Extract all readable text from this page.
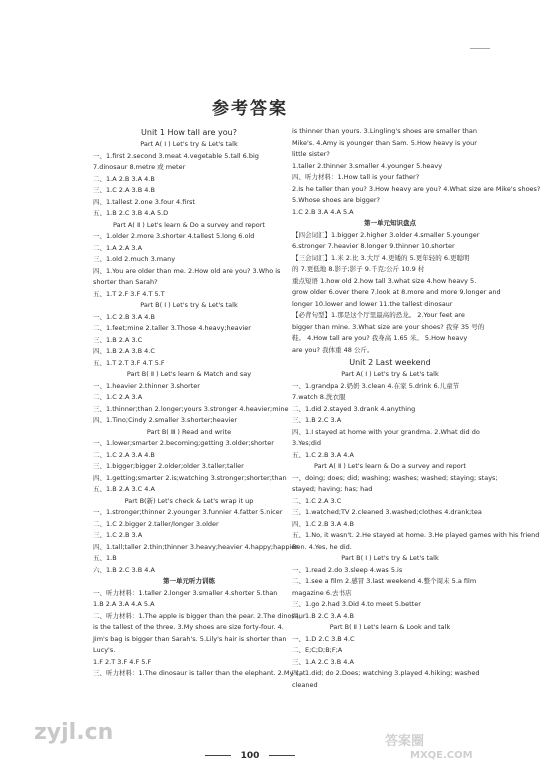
参考答案
Unit 1 How tall are you?
Part A( Ⅰ ) Let's try & Let's talk
一、1.first 2.second 3.meat 4.vegetable 5.tall 6.big
7.dinosaur 8.metre 或 meter
二、1.A 2.B 3.A 4.B
三、1.C 2.A 3.B 4.B
四、1.tallest 2.one 3.four 4.first
五、1.B 2.C 3.B 4.A 5.D
Part A( Ⅱ ) Let's learn & Do a survey and report
一、1.older 2.more 3.shorter 4.tallest 5.long 6.old
二、1.A 2.A 3.A
三、1.old 2.much 3.many
四、1.You are older than me. 2.How old are you? 3.Who is
shorter than Sarah?
五、1.T 2.F 3.F 4.T 5.T
Part B( Ⅰ ) Let's try & Let's talk
一、1.C 2.B 3.A 4.B
二、1.feet;mine 2.taller 3.Those 4.heavy;heavier
三、1.B 2.A 3.C
四、1.B 2.A 3.B 4.C
五、1.T 2.T 3.F 4.T 5.F
Part B( Ⅱ ) Let's learn & Match and say
一、1.heavier 2.thinner 3.shorter
二、1.C 2.A 3.A
三、1.thinner;than 2.longer;yours 3.stronger 4.heavier;mine
四、1.Tino;Cindy 2.smaller 3.shorter;heavier
Part B( Ⅲ ) Read and write
一、1.lower;smarter 2.becoming;getting 3.older;shorter
二、1.C 2.A 3.A 4.B
三、1.bigger;bigger 2.older;older 3.taller;taller
四、1.getting;smarter 2.is;watching 3.stronger;shorter;than
五、1.B 2.A 3.C 4.A
Part B(新) Let's check & Let's wrap it up
一、1.stronger;thinner 2.younger 3.funnier 4.fatter 5.nicer
二、1.C 2.bigger 2.taller/longer 3.older
三、1.C 2.B 3.A
四、1.tall;taller 2.thin;thinner 3.heavy;heavier 4.happy;happier
五、1.B
六、1.B 2.C 3.B 4.A
第一单元听力训练
一、听力材料：1.taller 2.longer 3.smaller 4.shorter 5.than
1.B 2.A 3.A 4.A 5.A
二、听力材料：1.The apple is bigger than the pear. 2.The dinosaur
is the tallest of the three. 3.My shoes are size forty-four. 4.
Jim's bag is bigger than Sarah's. 5.Lily's hair is shorter than
Lucy's.
1.F 2.T 3.F 4.F 5.F
三、听力材料：1.The dinosaur is taller than the elephant. 2.My cat
is thinner than yours. 3.Lingling's shoes are smaller than
Mike's. 4.Amy is younger than Sam. 5.How heavy is your
little sister?
1.taller 2.thinner 3.smaller 4.younger 5.heavy
四、听力材料：1.How tall is your father?
2.Is he taller than you? 3.How heavy are you? 4.What size are Mike's shoes?
5.Whose shoes are bigger?
1.C 2.B 3.A 4.A 5.A
第一单元知识盘点
【四会词汇】1.bigger 2.higher 3.older 4.smaller 5.younger
6.stronger 7.heavier 8.longer 9.thinner 10.shorter
【三会词汇】1.米 2.比 3.大厅 4.更矮的 5.更年轻的 6.更聪明
的 7.更低地 8.影子;影子 9.千克;公斤 10.9 村
重点短语 1.how old 2.how tall 3.what size 4.how heavy 5.
grow older 6.over there 7.look at 8.more and more 9.longer and
longer 10.lower and lower 11.the tallest dinosaur
【必背句型】1.那是这个厅里最高的恐龙。 2.Your feet are
bigger than mine. 3.What size are your shoes? 我穿 35 号的
鞋。 4.How tall are you? 我身高 1.65 米。 5.How heavy
are you? 我体重 48 公斤。
Unit 2 Last weekend
Part A( Ⅰ ) Let's try & Let's talk
一、1.grandpa 2.奶奶 3.clean 4.在家 5.drink 6.儿童节
7.watch 8.洗衣服
二、1.did 2.stayed 3.drank 4.anything
三、1.B 2.C 3.A
四、1.I stayed at home with your grandma. 2.What did do
3.Yes;did
五、1.C 2.B 3.A 4.A
Part A( Ⅱ ) Let's learn & Do a survey and report
一、doing; does; did; washing; washes; washed; staying; stays;
stayed; having; has; had
二、1.C 2.A 3.C
三、1.watched;TV 2.cleaned 3.washed;clothes 4.drank;tea
四、1.C 2.B 3.A 4.B
五、1.No, it wasn't. 2.He stayed at home. 3.He played games with his friend
Ben. 4.Yes, he did.
Part B( Ⅰ ) Let's try & Let's talk
一、1.read 2.do 3.sleep 4.was 5.is
二、1.see a film 2.感冒 3.last weekend 4.整个周末 5.a film
magazine 6.去书店
三、1.go 2.had 3.Did 4.to meet 5.better
四、1.B 2.C 3.A 4.B
Part B( Ⅱ ) Let's learn & Look and talk
一、1.D 2.C 3.B 4.C
二、E;C;D;B;F;A
三、1.A 2.C 3.B 4.A
四、1.did; do 2.Does; watching 3.played 4.hiking; washed
cleaned
100
zyjl.cn	答案圈
MXQE.COM
